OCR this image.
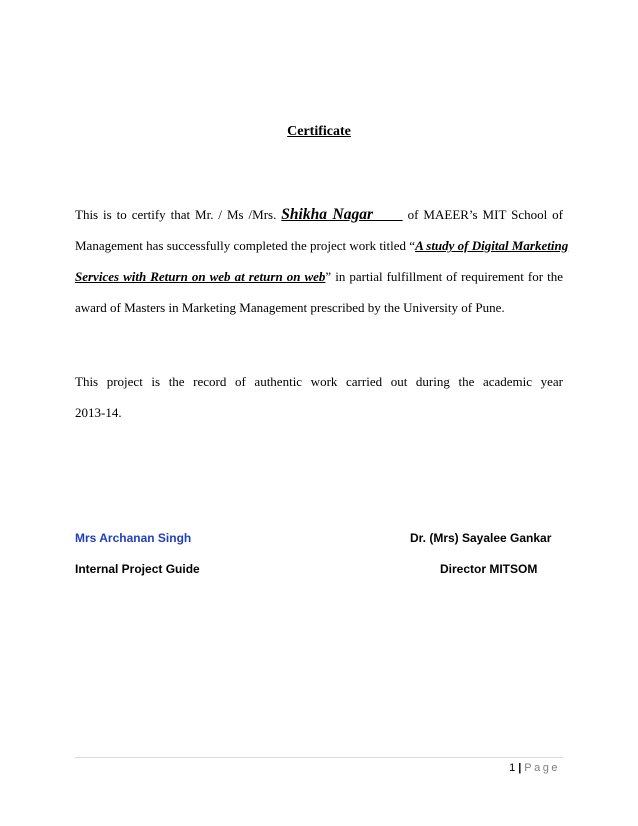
Certificate
This is to certify that Mr. / Ms /Mrs. Shikha Nagar	of MAEER’s MIT School of
Management has successfully completed the project work titled “A study of Digital Marketing
Services with Return on web at return on web” in partial fulfillment of requirement for the
award of Masters in Marketing Management prescribed by the University of Pune.
This project is the record of authentic work carried out during the academic year
2013-14.
Mrs Archanan Singh
Internal Project Guide
Dr. (Mrs) Sayalee Gankar
Director MITSOM
1 | Page
